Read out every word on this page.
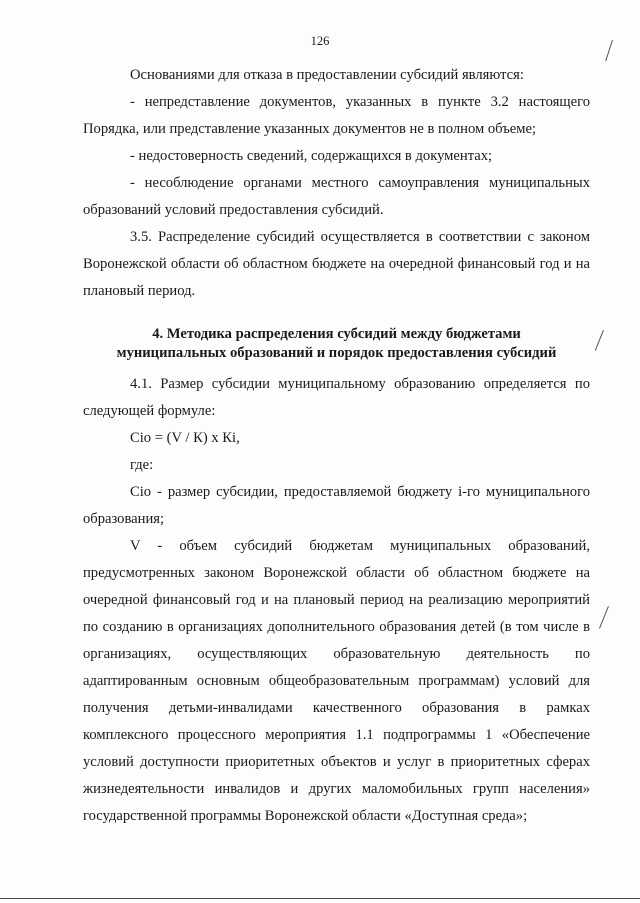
126

Основаниями для отказа в предоставлении субсидий являются:

- непредставление документов, указанных в пункте 3.2 настоящего Порядка, или представление указанных документов не в полном объеме;

- недостоверность сведений, содержащихся в документах;

- несоблюдение органами местного самоуправления муниципальных образований условий предоставления субсидий.

3.5. Распределение субсидий осуществляется в соответствии с законом Воронежской области об областном бюджете на очередной финансовый год и на плановый период.

4. Методика распределения субсидий между бюджетами
муниципальных образований и порядок предоставления субсидий

4.1. Размер субсидии муниципальному образованию определяется по следующей формуле:

Сio = (V / К) x Кi,

где:

Сio - размер субсидии, предоставляемой бюджету i-го муниципального образования;

V - объем субсидий бюджетам муниципальных образований, предусмотренных законом Воронежской области об областном бюджете на очередной финансовый год и на плановый период на реализацию мероприятий по созданию в организациях дополнительного образования детей (в том числе в организациях, осуществляющих образовательную деятельность по адаптированным основным общеобразовательным программам) условий для получения детьми-инвалидами качественного образования в рамках комплексного процессного мероприятия 1.1 подпрограммы 1 «Обеспечение условий доступности приоритетных объектов и услуг в приоритетных сферах жизнедеятельности инвалидов и других маломобильных групп населения» государственной программы Воронежской области «Доступная среда»;
